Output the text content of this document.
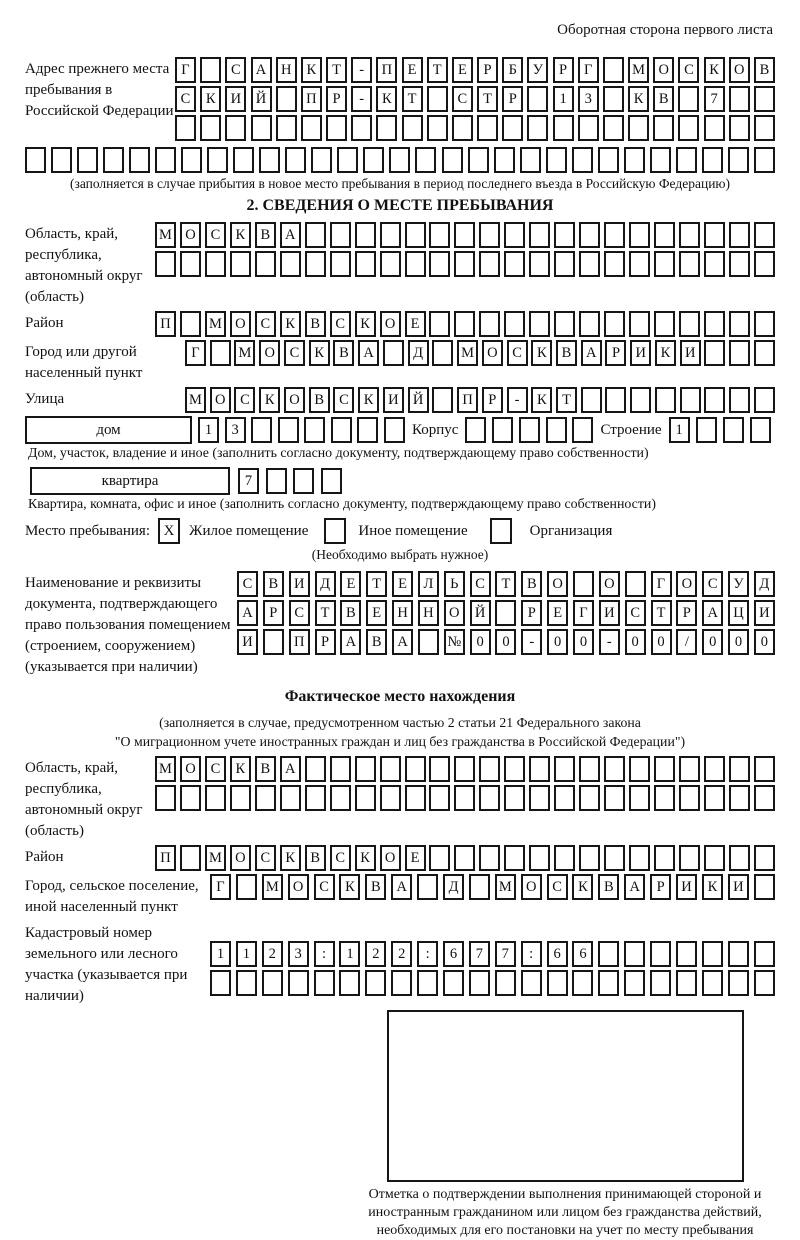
Оборотная сторона первого листа
Адрес прежнего места пребывания в Российской Федерации
Г	С	А	Н	К	Т	-	П	Е	Т	Е	Р	Б	У	Р	Г	М О	С	К	О	В
С	К	И	Й	П	Р	-	К	Т	С	Т	Р	1	3	К	В	7
(заполняется в случае прибытия в новое место пребывания в период последнего въезда в Российскую Федерацию)
2. СВЕДЕНИЯ О МЕСТЕ ПРЕБЫВАНИЯ
Область, край, республика, автономный округ (область)
М О	С	К	В	А
Район	П	М О	С	К	В	С	К	О	Е
Город или другой населенный пункт
Г	М О	С	К	В	А	Д	М О	С	К	В	А	Р	И	К	И
Улица	М О	С	К	О	В	С	К	И Й	П	Р	-	К	Т
дом	1	3	Корпус	Строение 1
Дом, участок, владение и иное (заполнить согласно документу, подтверждающему право собственности)
квартира	7
Квартира, комната, офис и иное (заполнить согласно документу, подтверждающему право собственности)
Место пребывания: X Жилое помещение	Иное помещение	Организация
(Необходимо выбрать нужное)
Наименование и реквизиты документа, подтверждающего право пользования помещением (строением, сооружением) (указывается при наличии)
С	В	И	Д	Е	Т	Е	Л	Ь	С	Т	В	О	О	Г	О	С	У	Д
А	Р	С	Т	В	Е	Н	Н	О	Й	Р	Е	Г	И	С	Т	Р	А	Ц	И
И	П	Р	А	В	А	№	0	0	-	0	0	-	0	0	/	0	0	0
Фактическое место нахождения
(заполняется в случае, предусмотренном частью 2 статьи 21 Федерального закона
"О миграционном учете иностранных граждан и лиц без гражданства в Российской Федерации")
Область, край, республика, автономный округ (область)
М О	С	К	В	А
Район	П	М О	С	К	В	С	К	О	Е
Город, сельское поселение, иной населенный пункт
Г	М О	С	К	В	А	Д	М О	С	К	В	А	Р	И	К	И
Кадастровый номер земельного или лесного участка (указывается при наличии)
1	1	2	3	:	1	2	2	:	6	7	7	:	6	6
Отметка о подтверждении выполнения принимающей стороной и иностранным гражданином или лицом без гражданства действий, необходимых для его постановки на учет по месту пребывания
